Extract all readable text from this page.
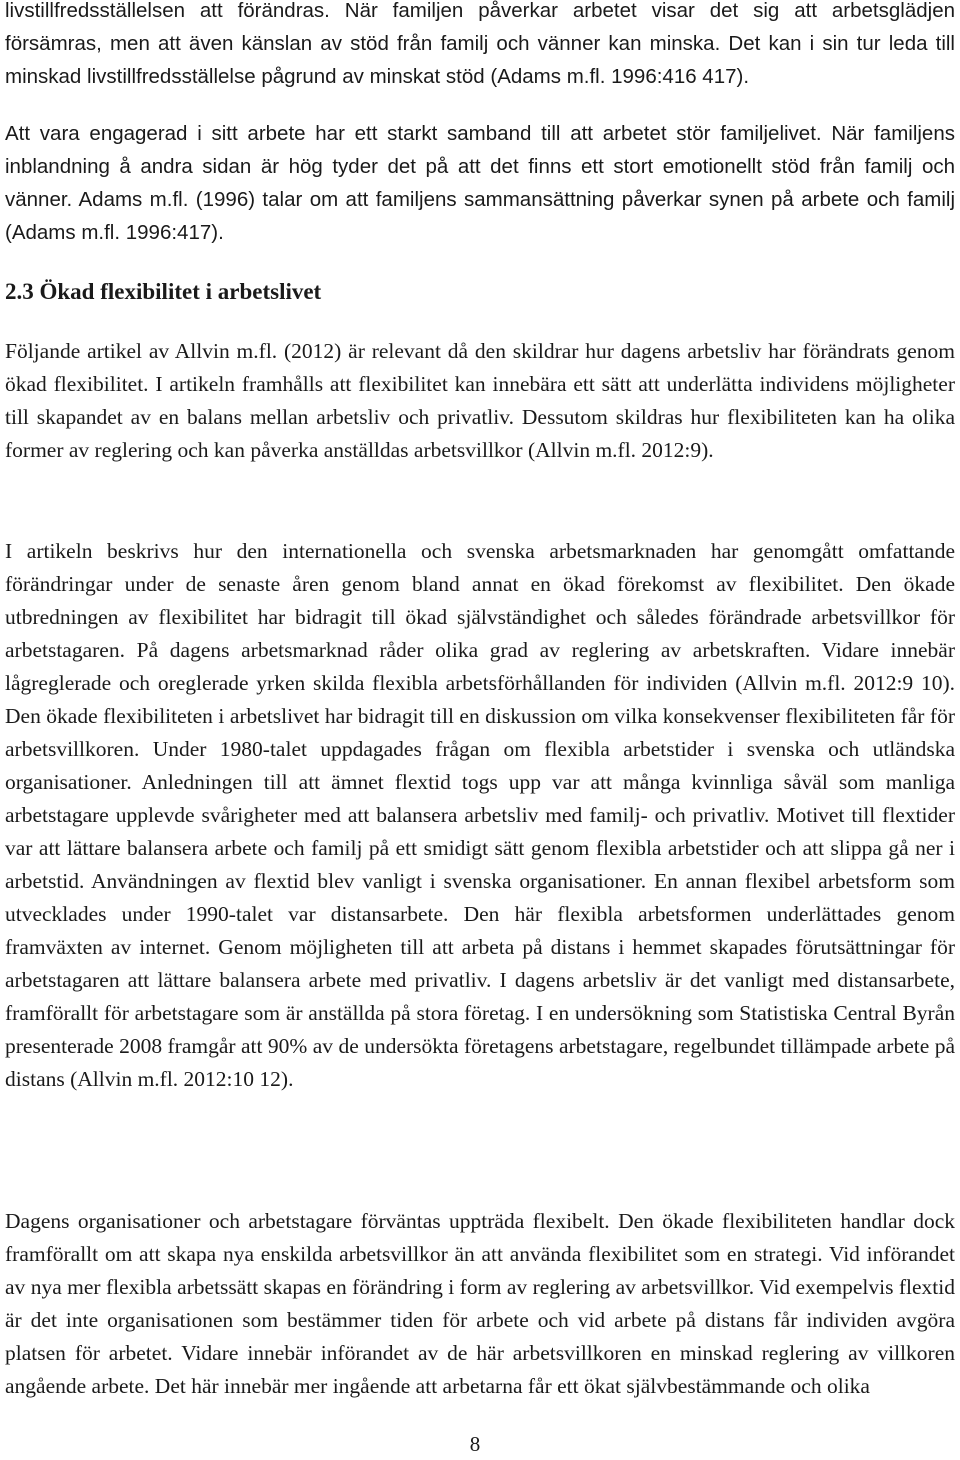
livstillfredsställelsen att förändras. När familjen påverkar arbetet visar det sig att arbetsglädjen försämras, men att även känslan av stöd från familj och vänner kan minska. Det kan i sin tur leda till minskad livstillfredsställelse pågrund av minskat stöd (Adams m.fl. 1996:416 417).

Att vara engagerad i sitt arbete har ett starkt samband till att arbetet stör familjelivet. När familjens inblandning å andra sidan är hög tyder det på att det finns ett stort emotionellt stöd från familj och vänner. Adams m.fl. (1996) talar om att familjens sammansättning påverkar synen på arbete och familj (Adams m.fl. 1996:417).

2.3 Ökad flexibilitet i arbetslivet

Följande artikel av Allvin m.fl. (2012) är relevant då den skildrar hur dagens arbetsliv har förändrats genom ökad flexibilitet. I artikeln framhålls att flexibilitet kan innebära ett sätt att underlätta individens möjligheter till skapandet av en balans mellan arbetsliv och privatliv. Dessutom skildras hur flexibiliteten kan ha olika former av reglering och kan påverka anställdas arbetsvillkor (Allvin m.fl. 2012:9).

I artikeln beskrivs hur den internationella och svenska arbetsmarknaden har genomgått omfattande förändringar under de senaste åren genom bland annat en ökad förekomst av flexibilitet. Den ökade utbredningen av flexibilitet har bidragit till ökad självständighet och således förändrade arbetsvillkor för arbetstagaren. På dagens arbetsmarknad råder olika grad av reglering av arbetskraften. Vidare innebär lågreglerade och oreglerade yrken skilda flexibla arbetsförhållanden för individen (Allvin m.fl. 2012:9 10). Den ökade flexibiliteten i arbetslivet har bidragit till en diskussion om vilka konsekvenser flexibiliteten får för arbetsvillkoren. Under 1980-talet uppdagades frågan om flexibla arbetstider i svenska och utländska organisationer. Anledningen till att ämnet flextid togs upp var att många kvinnliga såväl som manliga arbetstagare upplevde svårigheter med att balansera arbetsliv med familj- och privatliv. Motivet till flextider var att lättare balansera arbete och familj på ett smidigt sätt genom flexibla arbetstider och att slippa gå ner i arbetstid. Användningen av flextid blev vanligt i svenska organisationer. En annan flexibel arbetsform som utvecklades under 1990-talet var distansarbete. Den här flexibla arbetsformen underlättades genom framväxten av internet. Genom möjligheten till att arbeta på distans i hemmet skapades förutsättningar för arbetstagaren att lättare balansera arbete med privatliv. I dagens arbetsliv är det vanligt med distansarbete, framförallt för arbetstagare som är anställda på stora företag. I en undersökning som Statistiska Central Byrån presenterade 2008 framgår att 90% av de undersökta företagens arbetstagare, regelbundet tillämpade arbete på distans (Allvin m.fl. 2012:10 12).

Dagens organisationer och arbetstagare förväntas uppträda flexibelt. Den ökade flexibiliteten handlar dock framförallt om att skapa nya enskilda arbetsvillkor än att använda flexibilitet som en strategi. Vid införandet av nya mer flexibla arbetssätt skapas en förändring i form av reglering av arbetsvillkor. Vid exempelvis flextid är det inte organisationen som bestämmer tiden för arbete och vid arbete på distans får individen avgöra platsen för arbetet. Vidare innebär införandet av de här arbetsvillkoren en minskad reglering av villkoren angående arbete. Det här innebär mer ingående att arbetarna får ett ökat självbestämmande och olika

8
